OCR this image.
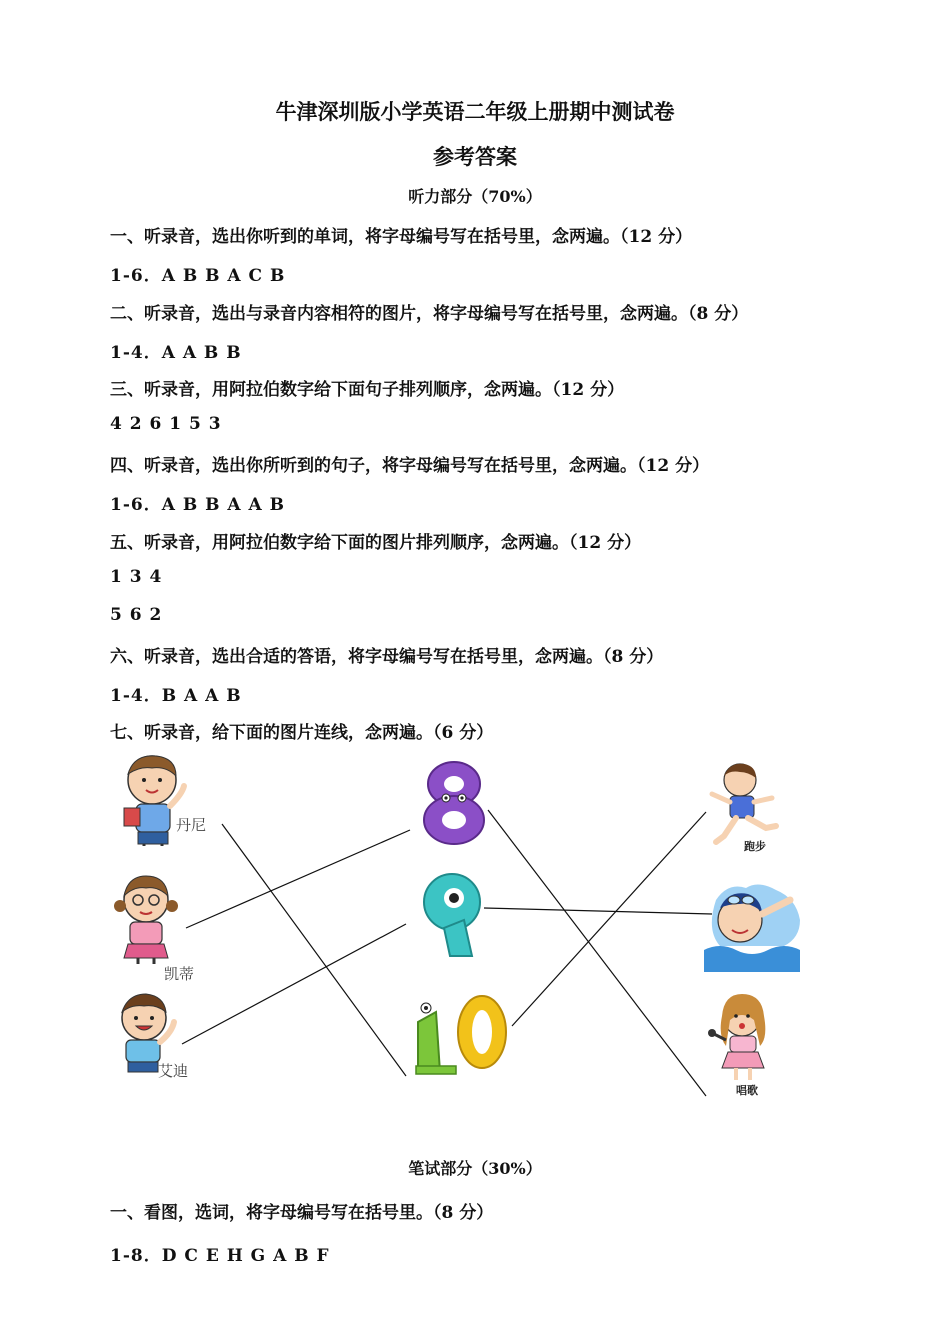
牛津深圳版小学英语二年级上册期中测试卷
参考答案
听力部分（70%）
一、听录音，选出你听到的单词，将字母编号写在括号里，念两遍。（12 分）
1-6．A B B A C B
二、听录音，选出与录音内容相符的图片，将字母编号写在括号里，念两遍。（8 分）
1-4．A A B B
三、听录音，用阿拉伯数字给下面句子排列顺序，念两遍。（12 分）
4 2 6 1 5 3
四、听录音，选出你所听到的句子，将字母编号写在括号里，念两遍。（12 分）
1-6．A B B A A B
五、听录音，用阿拉伯数字给下面的图片排列顺序，念两遍。（12 分）
1 3 4
5 6 2
六、听录音，选出合适的答语，将字母编号写在括号里，念两遍。（8 分）
1-4．B A A B
七、听录音，给下面的图片连线，念两遍。（6 分）
丹尼
凯蒂
艾迪
跑步
唱歌
笔试部分（30%）
一、看图，选词，将字母编号写在括号里。（8 分）
1-8．D C E H G A B F
